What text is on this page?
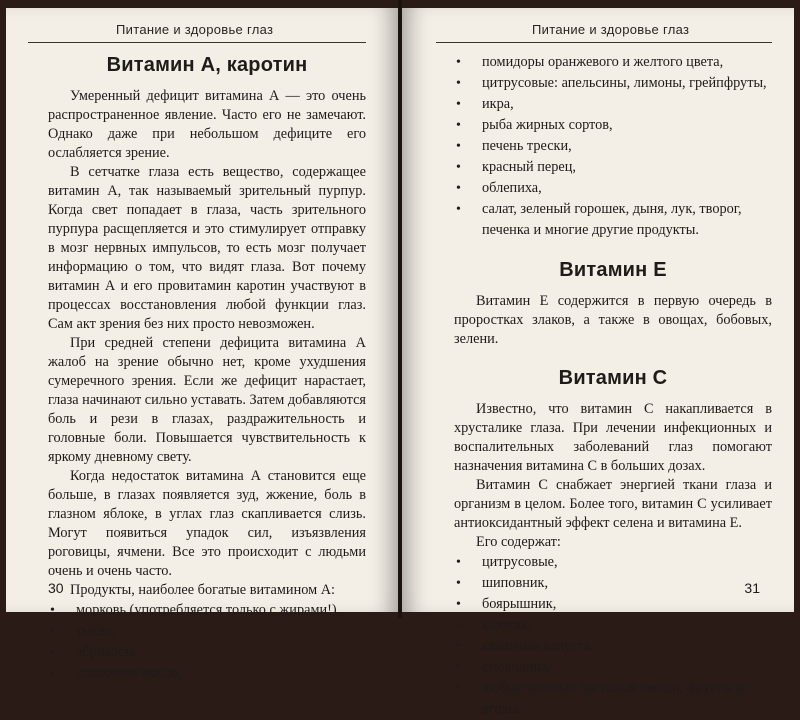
Питание и здоровье глаз
Витамин А, каротин

Умеренный дефицит витамина А — это очень распространенное явление. Часто его не замечают. Однако даже при небольшом дефиците его ослабляется зрение.

В сетчатке глаза есть вещество, содержащее витамин А, так называемый зрительный пурпур. Когда свет попадает в глаза, часть зрительного пурпура расщепляется и это стимулирует отправку в мозг нервных импульсов, то есть мозг получает информацию о том, что видят глаза. Вот почему витамин А и его провитамин каротин участвуют в процессах восстановления любой функции глаз. Сам акт зрения без них просто невозможен.

При средней степени дефицита витамина А жалоб на зрение обычно нет, кроме ухудшения сумеречного зрения. Если же дефицит нарастает, глаза начинают сильно уставать. Затем добавляются боль и рези в глазах, раздражительность и головные боли. Повышается чувствительность к яркому дневному свету.

Когда недостаток витамина А становится еще больше, в глазах появляется зуд, жжение, боль в глазном яблоке, в углах глаз скапливается слизь. Могут появиться упадок сил, изъязвления роговицы, ячмени. Все это происходит с людьми очень и очень часто.

Продукты, наиболее богатые витамином А:

• морковь (употребляется только с жирами!),
• тыква,
• абрикосы,
• сливочное масло,
30
Питание и здоровье глаз
• помидоры оранжевого и желтого цвета,
• цитрусовые: апельсины, лимоны, грейпфруты,
• икра,
• рыба жирных сортов,
• печень трески,
• красный перец,
• облепиха,
• салат, зеленый горошек, дыня, лук, творог, печенка и многие другие продукты.
Витамин Е

Витамин Е содержится в первую очередь в проростках злаков, а также в овощах, бобовых, зелени.

Витамин С

Известно, что витамин С накапливается в хрусталике глаза. При лечении инфекционных и воспалительных заболеваний глаз помогают назначения витамина С в больших дозах.

Витамин С снабжает энергией ткани глаза и организм в целом. Более того, витамин С усиливает антиоксидантный эффект селена и витамина Е.

Его содержат:

• цитрусовые,
• шиповник,
• боярышник,
• клюква,
• квашеная капуста,
• смородина,
• любые зеленые листовые овощи, фрукты и ягоды.
31
